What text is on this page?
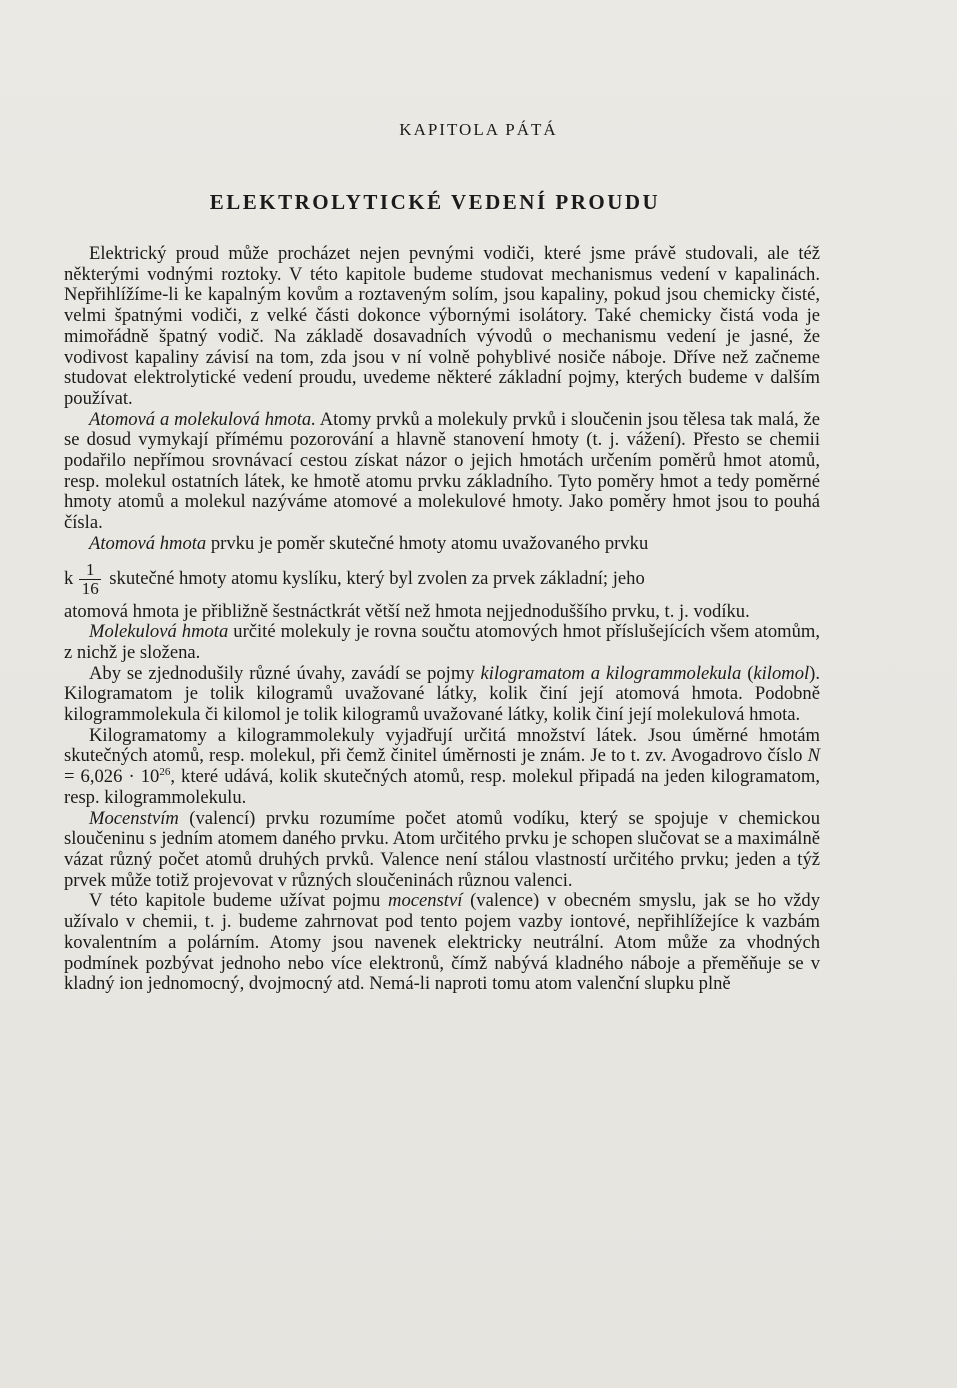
KAPITOLA PÁTÁ
ELEKTROLYTICKÉ VEDENÍ PROUDU

Elektrický proud může procházet nejen pevnými vodiči, které jsme právě studovali, ale též některými vodnými roztoky. V této kapitole budeme studovat mechanismus vedení v kapalinách. Nepřihlížíme-li ke kapalným kovům a roztaveným solím, jsou kapaliny, pokud jsou chemicky čisté, velmi špatnými vodiči, z velké části dokonce výbornými isolátory. Také chemicky čistá voda je mimořádně špatný vodič. Na základě dosavadních vývodů o mechanismu vedení je jasné, že vodivost kapaliny závisí na tom, zda jsou v ní volně pohyblivé nosiče náboje. Dříve než začneme studovat elektrolytické vedení proudu, uvedeme některé základní pojmy, kterých budeme v dalším používat.

Atomová a molekulová hmota. Atomy prvků a molekuly prvků i sloučenin jsou tělesa tak malá, že se dosud vymykají přímému pozorování a hlavně stanovení hmoty (t. j. vážení). Přesto se chemii podařilo nepřímou srovnávací cestou získat názor o jejich hmotách určením poměrů hmot atomů, resp. molekul ostatních látek, ke hmotě atomu prvku základního. Tyto poměry hmot a tedy poměrné hmoty atomů a molekul nazýváme atomové a molekulové hmoty. Jako poměry hmot jsou to pouhá čísla.

Atomová hmota prvku je poměr skutečné hmoty atomu uvažovaného prvku

k $\frac{1}{16}$ skutečné hmoty atomu kyslíku, který byl zvolen za prvek základní; jeho

atomová hmota je přibližně šestnáctkrát větší než hmota nejjednoduššího prvku, t. j. vodíku.

Molekulová hmota určité molekuly je rovna součtu atomových hmot příslušejících všem atomům, z nichž je složena.

Aby se zjednodušily různé úvahy, zavádí se pojmy kilogramatom a kilogrammolekula (kilomol). Kilogramatom je tolik kilogramů uvažované látky, kolik činí její atomová hmota. Podobně kilogrammolekula či kilomol je tolik kilogramů uvažované látky, kolik činí její molekulová hmota.

Kilogramatomy a kilogrammolekuly vyjadřují určitá množství látek. Jsou úměrné hmotám skutečných atomů, resp. molekul, při čemž činitel úměrnosti je znám. Je to t. zv. Avogadrovo číslo $N = 6,026 \cdot 10^{26}$, které udává, kolik skutečných atomů, resp. molekul připadá na jeden kilogramatom, resp. kilogrammolekulu.

Mocenstvím (valencí) prvku rozumíme počet atomů vodíku, který se spojuje v chemickou sloučeninu s jedním atomem daného prvku. Atom určitého prvku je schopen slučovat se a maximálně vázat různý počet atomů druhých prvků. Valence není stálou vlastností určitého prvku; jeden a týž prvek může totiž projevovat v různých sloučeninách různou valenci.

V této kapitole budeme užívat pojmu mocenství (valence) v obecném smyslu, jak se ho vždy užívalo v chemii, t. j. budeme zahrnovat pod tento pojem vazby iontové, nepřihlížejíce k vazbám kovalentním a polárním. Atomy jsou navenek elektricky neutrální. Atom může za vhodných podmínek pozbývat jednoho nebo více elektronů, čímž nabývá kladného náboje a přeměňuje se v kladný ion jednomocný, dvojmocný atd. Nemá-li naproti tomu atom valenční slupku plně
